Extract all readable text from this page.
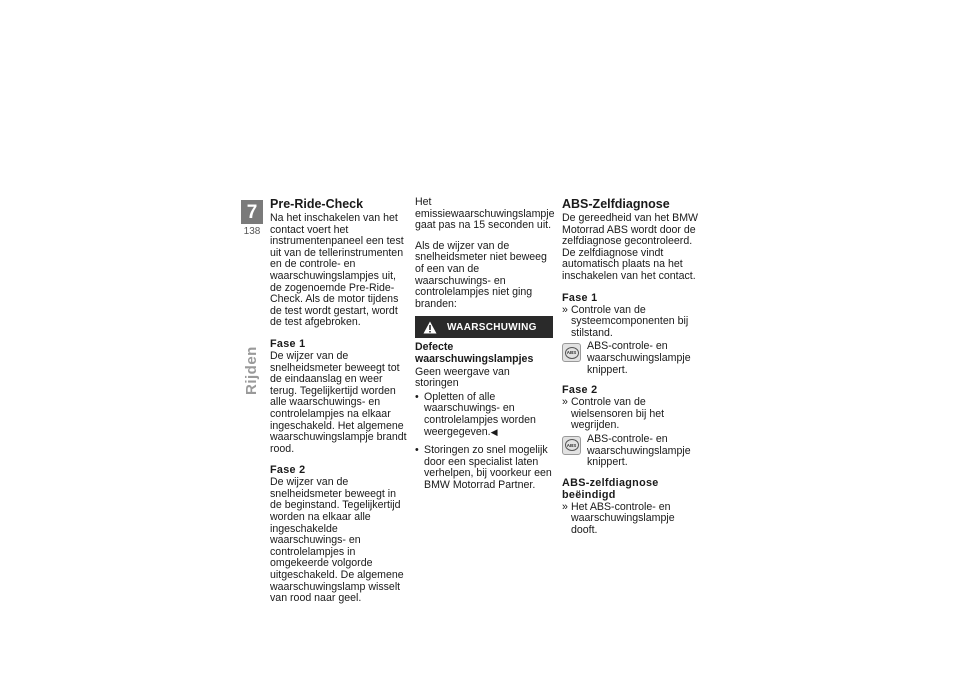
7
138
Rijden
Pre-Ride-Check

Na het inschakelen van het contact voert het instrumentenpaneel een test uit van de tellerinstrumenten en de controle- en waarschuwingslampjes uit, de zogenoemde Pre-Ride-Check. Als de motor tijdens de test wordt gestart, wordt de test afgebroken.

Fase 1

De wijzer van de snelheidsmeter beweegt tot de eindaanslag en weer terug. Tegelijkertijd worden alle waarschuwings- en controlelampjes na elkaar ingeschakeld. Het algemene waarschuwingslampje brandt rood.

Fase 2

De wijzer van de snelheidsmeter beweegt in de beginstand. Tegelijkertijd worden na elkaar alle ingeschakelde waarschuwings- en controlelampjes in omgekeerde volgorde uitgeschakeld. De algemene waarschuwingslamp wisselt van rood naar geel.

Het emissiewaarschuwingslampje gaat pas na 15 seconden uit.

Als de wijzer van de snelheidsmeter niet beweeg of een van de waarschuwings- en controlelampjes niet ging branden:

WAARSCHUWING
Defecte waarschuwingslampjes
Geen weergave van storingen
• Opletten of alle waarschuwings- en controlelampjes worden weergegeven.◀
• Storingen zo snel mogelijk door een specialist laten verhelpen, bij voorkeur een BMW Motorrad Partner.
ABS-Zelfdiagnose

De gereedheid van het BMW Motorrad ABS wordt door de zelfdiagnose gecontroleerd. De zelfdiagnose vindt automatisch plaats na het inschakelen van het contact.

Fase 1
» Controle van de systeemcomponenten bij stilstand.
ABS
ABS-controle- en waarschuwingslampje knippert.
Fase 2
» Controle van de wielsensoren bij het wegrijden.
ABS
ABS-controle- en waarschuwingslampje knippert.
ABS-zelfdiagnose beëindigd
» Het ABS-controle- en waarschuwingslampje dooft.
